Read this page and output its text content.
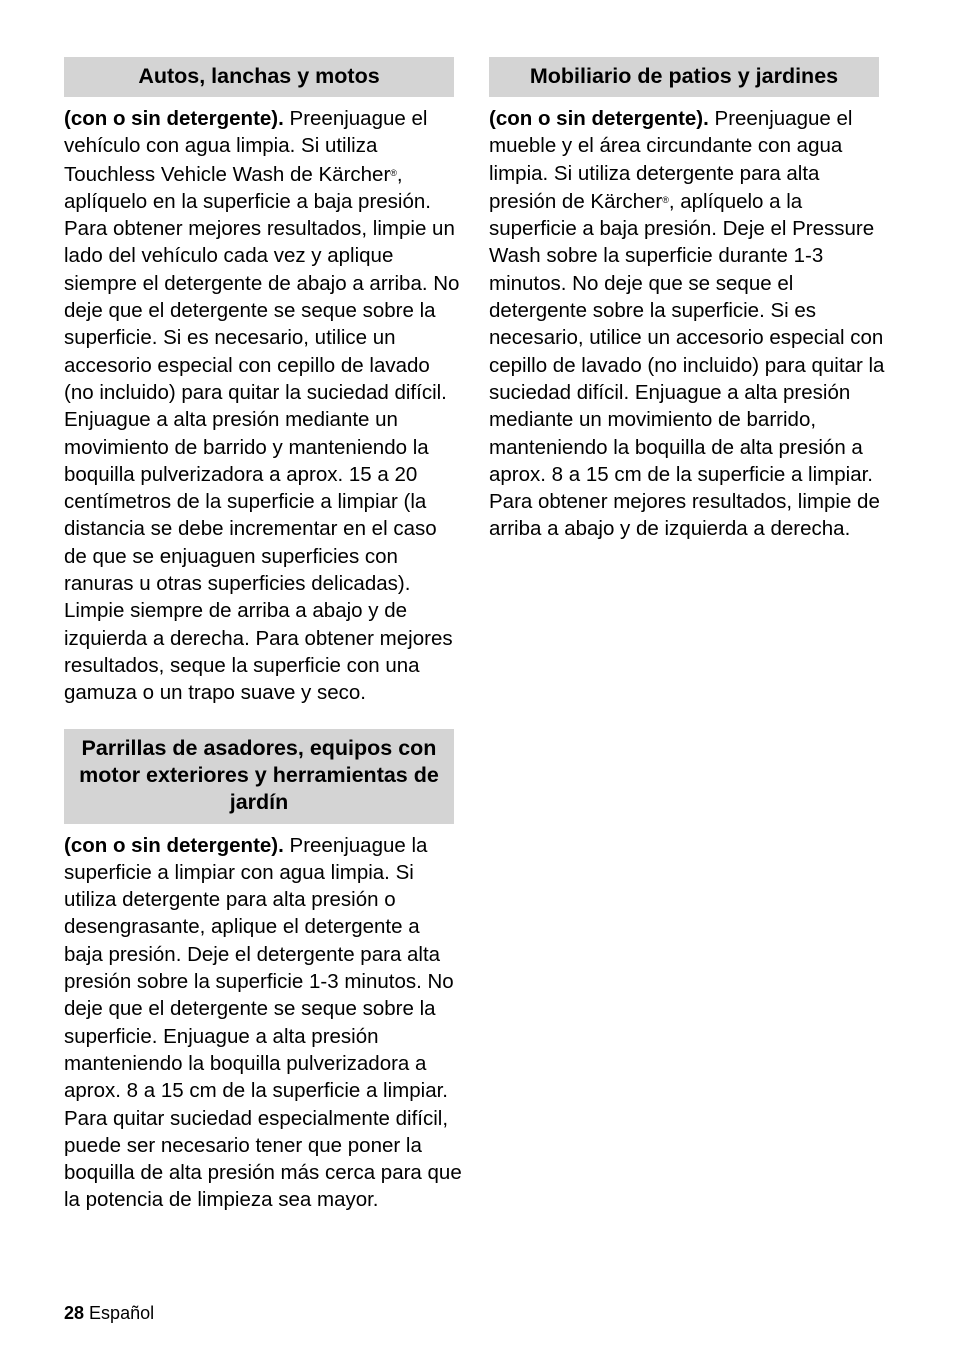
Autos, lanchas y motos

(con o sin detergente). Preenjuague el vehículo con agua limpia. Si utiliza Touchless Vehicle Wash de Kärcher®, aplíquelo en la superficie a baja presión. Para obtener mejores resultados, limpie un lado del vehículo cada vez y aplique siempre el detergente de abajo a arriba. No deje que el detergente se seque sobre la superficie. Si es necesario, utilice un accesorio especial con cepillo de lavado (no incluido) para quitar la suciedad difícil. Enjuague a alta presión mediante un movimiento de barrido y manteniendo la boquilla pulverizadora a aprox. 15 a 20 centímetros de la superficie a limpiar (la distancia se debe incrementar en el caso de que se enjuaguen superficies con ranuras u otras superficies delicadas). Limpie siempre de arriba a abajo y de izquierda a derecha. Para obtener mejores resultados, seque la superficie con una gamuza o un trapo suave y seco.

Parrillas de asadores, equipos con motor exteriores y herramientas de jardín

(con o sin detergente). Preenjuague la superficie a limpiar con agua limpia. Si utiliza detergente para alta presión o desengrasante, aplique el detergente a baja presión. Deje el detergente para alta presión sobre la superficie 1-3 minutos. No deje que el detergente se seque sobre la superficie. Enjuague a alta presión manteniendo la boquilla pulverizadora a aprox. 8 a 15 cm de la superficie a limpiar. Para quitar suciedad especialmente difícil, puede ser necesario tener que poner la boquilla de alta presión más cerca para que la potencia de limpieza sea mayor.

Mobiliario de patios y jardines

(con o sin detergente). Preenjuague el mueble y el área circundante con agua limpia. Si utiliza detergente para alta presión de Kärcher®, aplíquelo a la superficie a baja presión. Deje el Pressure Wash sobre la superficie durante 1-3 minutos. No deje que se seque el detergente sobre la superficie. Si es necesario, utilice un accesorio especial con cepillo de lavado (no incluido) para quitar la suciedad difícil. Enjuague a alta presión mediante un movimiento de barrido, manteniendo la boquilla de alta presión a aprox. 8 a 15 cm de la superficie a limpiar. Para obtener mejores resultados, limpie de arriba a abajo y de izquierda a derecha.

28 Español
